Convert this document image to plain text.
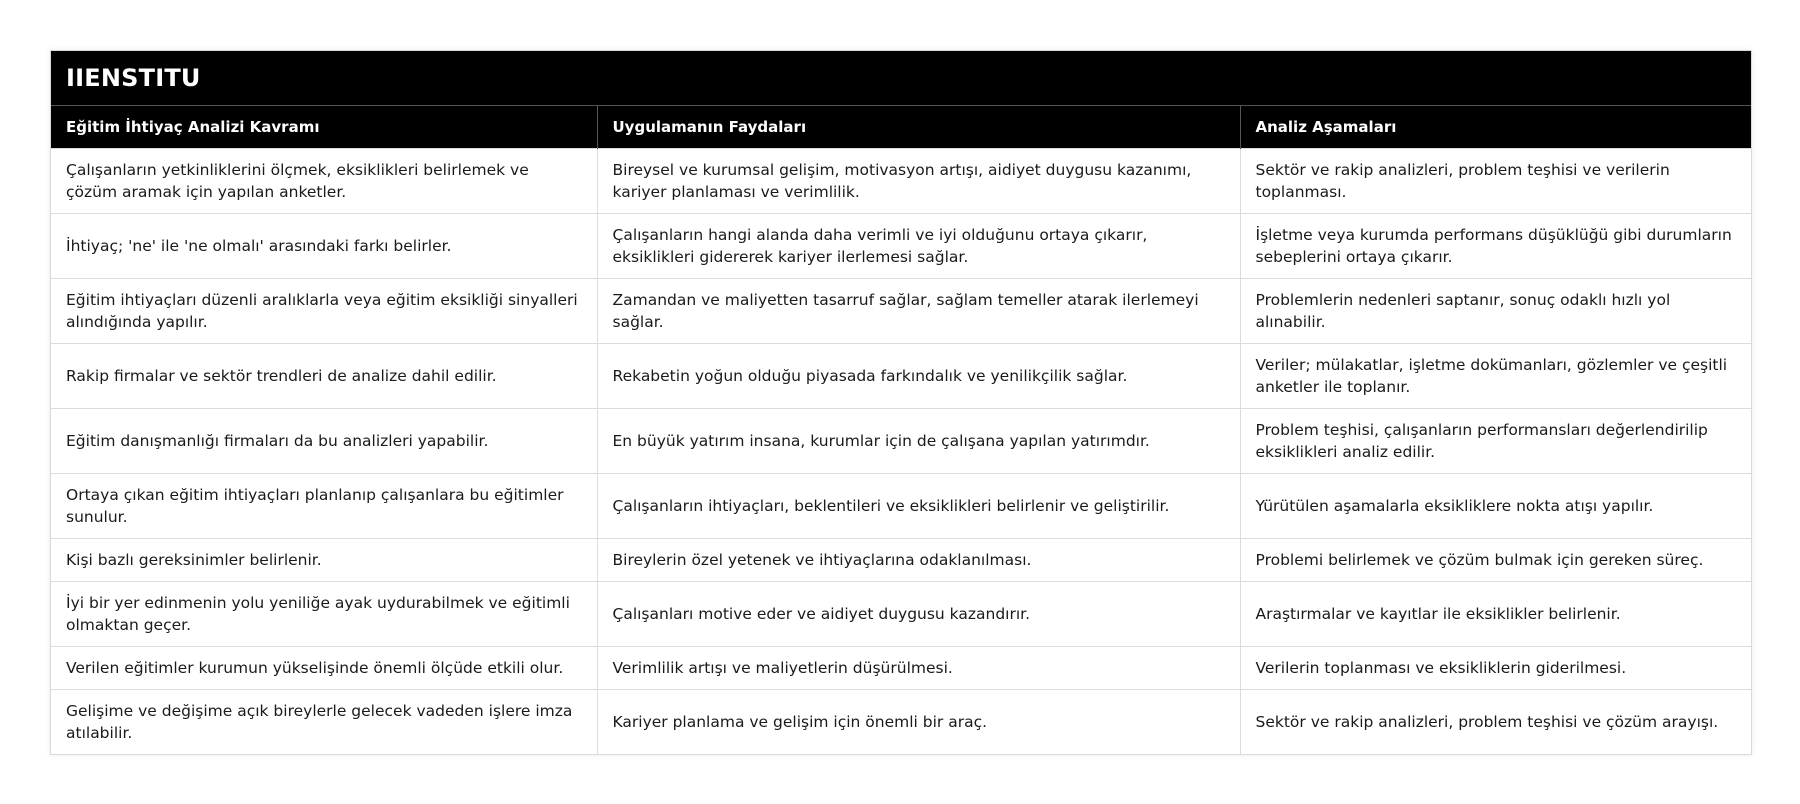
IIENSTITU
Eğitim İhtiyaç Analizi Kavramı	Uygulamanın Faydaları	Analiz Aşamaları
Çalışanların yetkinliklerini ölçmek, eksiklikleri belirlemek ve çözüm aramak için yapılan anketler.	Bireysel ve kurumsal gelişim, motivasyon artışı, aidiyet duygusu kazanımı, kariyer planlaması ve verimlilik.	Sektör ve rakip analizleri, problem teşhisi ve verilerin toplanması.
İhtiyaç; 'ne' ile 'ne olmalı' arasındaki farkı belirler.	Çalışanların hangi alanda daha verimli ve iyi olduğunu ortaya çıkarır, eksiklikleri gidererek kariyer ilerlemesi sağlar.	İşletme veya kurumda performans düşüklüğü gibi durumların sebeplerini ortaya çıkarır.
Eğitim ihtiyaçları düzenli aralıklarla veya eğitim eksikliği sinyalleri alındığında yapılır.	Zamandan ve maliyetten tasarruf sağlar, sağlam temeller atarak ilerlemeyi sağlar.	Problemlerin nedenleri saptanır, sonuç odaklı hızlı yol alınabilir.
Rakip firmalar ve sektör trendleri de analize dahil edilir.	Rekabetin yoğun olduğu piyasada farkındalık ve yenilikçilik sağlar.	Veriler; mülakatlar, işletme dokümanları, gözlemler ve çeşitli anketler ile toplanır.
Eğitim danışmanlığı firmaları da bu analizleri yapabilir.	En büyük yatırım insana, kurumlar için de çalışana yapılan yatırımdır.	Problem teşhisi, çalışanların performansları değerlendirilip eksiklikleri analiz edilir.
Ortaya çıkan eğitim ihtiyaçları planlanıp çalışanlara bu eğitimler sunulur.	Çalışanların ihtiyaçları, beklentileri ve eksiklikleri belirlenir ve geliştirilir.	Yürütülen aşamalarla eksikliklere nokta atışı yapılır.
Kişi bazlı gereksinimler belirlenir.	Bireylerin özel yetenek ve ihtiyaçlarına odaklanılması.	Problemi belirlemek ve çözüm bulmak için gereken süreç.
İyi bir yer edinmenin yolu yeniliğe ayak uydurabilmek ve eğitimli olmaktan geçer.	Çalışanları motive eder ve aidiyet duygusu kazandırır.	Araştırmalar ve kayıtlar ile eksiklikler belirlenir.
Verilen eğitimler kurumun yükselişinde önemli ölçüde etkili olur.	Verimlilik artışı ve maliyetlerin düşürülmesi.	Verilerin toplanması ve eksikliklerin giderilmesi.
Gelişime ve değişime açık bireylerle gelecek vadeden işlere imza atılabilir.	Kariyer planlama ve gelişim için önemli bir araç.	Sektör ve rakip analizleri, problem teşhisi ve çözüm arayışı.
